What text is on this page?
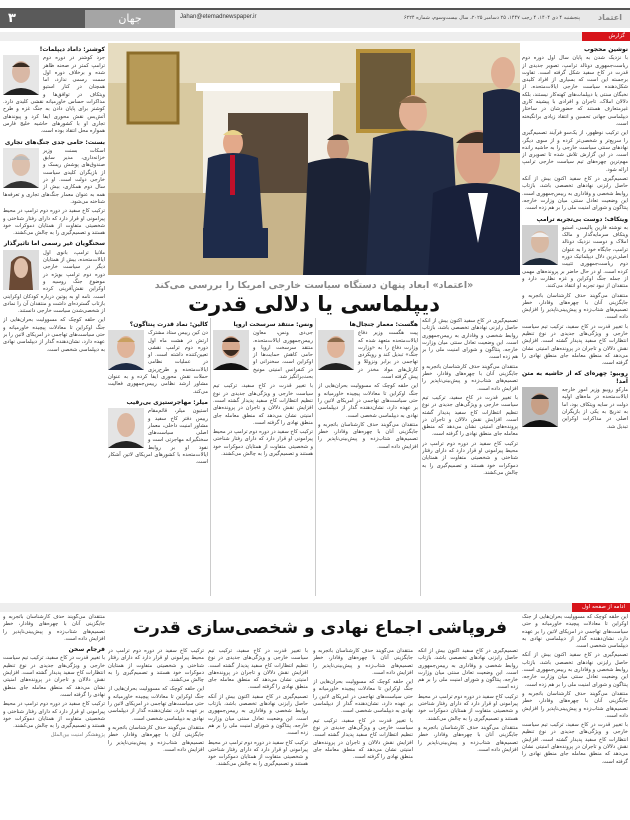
۳	جهان	Jahan@etemadnewspaper.ir	پنجشنبه ۴ دی ۱۴۰۴، ۴ رجب ۱۴۴۷، ۲۵ دسامبر ۲۰۲۵، سال بیست‌وسوم، شماره ۶۲۲۴ اعتماد
گزارش
نوشین محجوب

با نزدیک شدن به پایان سال اول دوره دوم ریاست‌جمهوری دونالد ترامپ، تصویر جدیدی از قدرت در کاخ سفید شکل گرفته است. تفاوت برجسته این است که بسیاری از افراد کلیدی شکل‌دهنده سیاست خارجی ایالات‌متحده، از نخبگان سنتی یا دیپلمات‌های کهنه‌کار نیستند، بلکه دلالان املاک، تاجران و افرادی با پیشینه کاری غیرمتعارف هستند که حضورشان در ساختار دیپلماسی جهانی تحسین و انتقاد زیادی برانگیخته است.

این ترکیب نوظهور، از یک‌سو فرآیند تصمیم‌گیری را سریع‌تر و شخصی‌تر کرده و از سوی دیگر، نهادهای سنتی سیاست خارجی را به حاشیه رانده است. در این گزارش تلاش شده تا تصویری از مهم‌ترین چهره‌های تیم سیاست خارجی ترامپ ارائه شود.

تصمیم‌گیری در کاخ سفید اکنون بیش از آنکه حاصل رایزنی نهادهای تخصصی باشد، بازتاب روابط شخصی و وفاداری به رییس‌جمهوری است. این وضعیت تعادل سنتی میان وزارت خارجه، پنتاگون و شورای امنیت ملی را بر هم زده است.

ویتکاف: دوست بی‌تجربه ترامپ

به نوشته فارین پالیسی، استیو ویتکاف سرمایه‌گذار و مالک املاک و دوست نزدیک دونالد ترامپ، جایگاه خود را به عنوان اصلی‌ترین دلال دیپلماتیک دوره دوم ریاست‌جمهوری تثبیت کرده است. او در حال حاضر بر پرونده‌های مهمی از جمله جنگ اوکراین و غزه نظارت دارد و منتقدان از نبود تجربه او انتقاد می‌کنند.

منتقدان می‌گویند حذف کارشناسان باتجربه و جایگزینی آنان با چهره‌های وفادار، خطر تصمیم‌های شتاب‌زده و پیش‌بینی‌ناپذیر را افزایش داده است.

با تغییر قدرت در کاخ سفید، ترکیب تیم سیاست خارجی و ویژگی‌های جدیدی در نوع تنظیم انتظارات کاخ سفید پدیدار گشته است. افزایش نقش دلالان و تاجران در پرونده‌های امنیتی نشان می‌دهد که منطق معامله جای منطق نهادی را گرفته است.

روبیو: چهره‌ای که از حاشیه به متن آمد!

مارکو روبیو وزیر امور خارجه ایالات‌متحده در ماه‌های اولیه دولت در سایه ویتکاف بود، اما به تدریج به یکی از بازیگران اصلی در مذاکرات اوکراین تبدیل شد.

کوشنر: داماد دیپلمات!

جرد کوشنر در دوره دوم ترامپ کمتر در صحنه ظاهر شده و برخلاف دوره اول سمت رسمی ندارد، اما همچنان در کنار استیو ویتکاف در توافق‌ها و مذاکرات حساس خاورمیانه نقشی کلیدی دارد. کوشنر برای پایان دادن به جنگ غزه و طرح آتش‌بس نقش محوری ایفا کرد و پیوندهای تجاری او با کشورهای حاشیه خلیج فارس همواره محل انتقاد بوده است.

بسنت: حامی جدی جنگ‌های تجاری

اسکات بسنت وزیر خزانه‌داری، مدیر سابق صندوق‌های پوشش ریسک و از بازیگران کلیدی سیاست خارجی دولت است. او در سال دوم همکاری، بیش از همه به عنوان معمار جنگ‌های تجاری و تعرفه‌ها شناخته می‌شود.

ترکیب کاخ سفید در دوره دوم ترامپ در محیط پیرامونی او قرار دارد که دارای رفتار شناختی و شخصیتی متفاوت از همتایان دموکرات خود هستند و تصمیم‌گیری را به چالش می‌کشند.

سخنگویان غیر رسمی اما تاثیرگذار

ملانیا ترامپ، بانوی اول ایالات‌متحده، بیش از همتایان دیگر در سیاست خارجی دوره دوم ترامپ بویژه در موضوع جنگ روسیه و اوکراین نقش‌آفرینی کرده است. نامه او به پوتین درباره کودکان اوکراینی بازتاب گسترده‌ای داشت و منتقدان آن را نمادی از شخصی‌شدن سیاست خارجی دانستند.

این حلقه کوچک که مسوولیت بحران‌هایی از جنگ اوکراین تا معادلات پیچیده خاورمیانه و حتی سیاست‌های تهاجمی در امریکای لاتین را بر عهده دارد، نشان‌دهنده گذار از دیپلماسی نهادی به دیپلماسی شخصی است.

«اعتماد» ابعاد پنهان دستگاه سیاست خارجی امریکا را بررسی می‌کند
دیپلماسی یا دلالی قدرت

تصمیم‌گیری در کاخ سفید اکنون بیش از آنکه حاصل رایزنی نهادهای تخصصی باشد، بازتاب روابط شخصی و وفاداری به رییس‌جمهوری است. این وضعیت تعادل سنتی میان وزارت خارجه، پنتاگون و شورای امنیت ملی را بر هم زده است.

منتقدان می‌گویند حذف کارشناسان باتجربه و جایگزینی آنان با چهره‌های وفادار، خطر تصمیم‌های شتاب‌زده و پیش‌بینی‌ناپذیر را افزایش داده است.

با تغییر قدرت در کاخ سفید، ترکیب تیم سیاست خارجی و ویژگی‌های جدیدی در نوع تنظیم انتظارات کاخ سفید پدیدار گشته است. افزایش نقش دلالان و تاجران در پرونده‌های امنیتی نشان می‌دهد که منطق معامله جای منطق نهادی را گرفته است.

ترکیب کاخ سفید در دوره دوم ترامپ در محیط پیرامونی او قرار دارد که دارای رفتار شناختی و شخصیتی متفاوت از همتایان دموکرات خود هستند و تصمیم‌گیری را به چالش می‌کشند.

هگست: معمار جنجال‌ها

پیت هگست وزیر دفاع ایالات‌متحده متعهد شده که وزارت دفاع را به «وزارت جنگ» تبدیل کند و رویکردی تهاجمی در برابر ونزوئلا و کارتل‌های مواد مخدر در پیش گرفته است.

این حلقه کوچک که مسوولیت بحران‌هایی از جنگ اوکراین تا معادلات پیچیده خاورمیانه و حتی سیاست‌های تهاجمی در امریکای لاتین را بر عهده دارد، نشان‌دهنده گذار از دیپلماسی نهادی به دیپلماسی شخصی است.

منتقدان می‌گویند حذف کارشناسان باتجربه و جایگزینی آنان با چهره‌های وفادار، خطر تصمیم‌های شتاب‌زده و پیش‌بینی‌ناپذیر را افزایش داده است.

ونس: منتقد سرسخت اروپا

جی‌دی ونس، معاون رییس‌جمهوری ایالات‌متحده، منتقد سرسخت اروپا و حامی کاهش حمایت‌ها از اوکراین است. سخنرانی او در کنفرانس امنیتی مونیخ بحث‌برانگیز شد.

با تغییر قدرت در کاخ سفید، ترکیب تیم سیاست خارجی و ویژگی‌های جدیدی در نوع تنظیم انتظارات کاخ سفید پدیدار گشته است. افزایش نقش دلالان و تاجران در پرونده‌های امنیتی نشان می‌دهد که منطق معامله جای منطق نهادی را گرفته است.

ترکیب کاخ سفید در دوره دوم ترامپ در محیط پیرامونی او قرار دارد که دارای رفتار شناختی و شخصیتی متفاوت از همتایان دموکرات خود هستند و تصمیم‌گیری را به چالش می‌کشند.

کالین: نماد قدرت پنتاگون؟

دن کین رییس ستاد مشترک ارتش در هشت ماه اول دوره دوم ترامپ نقشی تعیین‌کننده داشته است. او در عملیات نظامی ایالات‌متحده و طرح‌ریزی حملات نقش محوری ایفا کرده و به عنوان مشاور ارشد نظامی رییس‌جمهوری فعالیت می‌کند.

میلر: مهاجرستیزی بی‌رقیب

استیون میلر، قائم‌مقام رییس دفتر کاخ سفید و مشاور امنیت داخلی، معمار اصلی سیاست‌های سختگیرانه مهاجرتی است و نفوذ او بر روابط ایالات‌متحده با کشورهای امریکای لاتین آشکار است.

ادامه از صفحه اول
فروپاشی اجماع نهادی و شخصی‌سازی قدرت

این حلقه کوچک که مسوولیت بحران‌هایی از جنگ اوکراین تا معادلات پیچیده خاورمیانه و حتی سیاست‌های تهاجمی در امریکای لاتین را بر عهده دارد، نشان‌دهنده گذار از دیپلماسی نهادی به دیپلماسی شخصی است.

تصمیم‌گیری در کاخ سفید اکنون بیش از آنکه حاصل رایزنی نهادهای تخصصی باشد، بازتاب روابط شخصی و وفاداری به رییس‌جمهوری است. این وضعیت تعادل سنتی میان وزارت خارجه، پنتاگون و شورای امنیت ملی را بر هم زده است.

منتقدان می‌گویند حذف کارشناسان باتجربه و جایگزینی آنان با چهره‌های وفادار، خطر تصمیم‌های شتاب‌زده و پیش‌بینی‌ناپذیر را افزایش داده است.

با تغییر قدرت در کاخ سفید، ترکیب تیم سیاست خارجی و ویژگی‌های جدیدی در نوع تنظیم انتظارات کاخ سفید پدیدار گشته است. افزایش نقش دلالان و تاجران در پرونده‌های امنیتی نشان می‌دهد که منطق معامله جای منطق نهادی را گرفته است.

تصمیم‌گیری در کاخ سفید اکنون بیش از آنکه حاصل رایزنی نهادهای تخصصی باشد، بازتاب روابط شخصی و وفاداری به رییس‌جمهوری است. این وضعیت تعادل سنتی میان وزارت خارجه، پنتاگون و شورای امنیت ملی را بر هم زده است.

ترکیب کاخ سفید در دوره دوم ترامپ در محیط پیرامونی او قرار دارد که دارای رفتار شناختی و شخصیتی متفاوت از همتایان دموکرات خود هستند و تصمیم‌گیری را به چالش می‌کشند.

منتقدان می‌گویند حذف کارشناسان باتجربه و جایگزینی آنان با چهره‌های وفادار، خطر تصمیم‌های شتاب‌زده و پیش‌بینی‌ناپذیر را افزایش داده است.

منتقدان می‌گویند حذف کارشناسان باتجربه و جایگزینی آنان با چهره‌های وفادار، خطر تصمیم‌های شتاب‌زده و پیش‌بینی‌ناپذیر را افزایش داده است.

این حلقه کوچک که مسوولیت بحران‌هایی از جنگ اوکراین تا معادلات پیچیده خاورمیانه و حتی سیاست‌های تهاجمی در امریکای لاتین را بر عهده دارد، نشان‌دهنده گذار از دیپلماسی نهادی به دیپلماسی شخصی است.

با تغییر قدرت در کاخ سفید، ترکیب تیم سیاست خارجی و ویژگی‌های جدیدی در نوع تنظیم انتظارات کاخ سفید پدیدار گشته است. افزایش نقش دلالان و تاجران در پرونده‌های امنیتی نشان می‌دهد که منطق معامله جای منطق نهادی را گرفته است.

با تغییر قدرت در کاخ سفید، ترکیب تیم سیاست خارجی و ویژگی‌های جدیدی در نوع تنظیم انتظارات کاخ سفید پدیدار گشته است. افزایش نقش دلالان و تاجران در پرونده‌های امنیتی نشان می‌دهد که منطق معامله جای منطق نهادی را گرفته است.

تصمیم‌گیری در کاخ سفید اکنون بیش از آنکه حاصل رایزنی نهادهای تخصصی باشد، بازتاب روابط شخصی و وفاداری به رییس‌جمهوری است. این وضعیت تعادل سنتی میان وزارت خارجه، پنتاگون و شورای امنیت ملی را بر هم زده است.

ترکیب کاخ سفید در دوره دوم ترامپ در محیط پیرامونی او قرار دارد که دارای رفتار شناختی و شخصیتی متفاوت از همتایان دموکرات خود هستند و تصمیم‌گیری را به چالش می‌کشند.

ترکیب کاخ سفید در دوره دوم ترامپ در محیط پیرامونی او قرار دارد که دارای رفتار شناختی و شخصیتی متفاوت از همتایان دموکرات خود هستند و تصمیم‌گیری را به چالش می‌کشند.

این حلقه کوچک که مسوولیت بحران‌هایی از جنگ اوکراین تا معادلات پیچیده خاورمیانه و حتی سیاست‌های تهاجمی در امریکای لاتین را بر عهده دارد، نشان‌دهنده گذار از دیپلماسی نهادی به دیپلماسی شخصی است.

منتقدان می‌گویند حذف کارشناسان باتجربه و جایگزینی آنان با چهره‌های وفادار، خطر تصمیم‌های شتاب‌زده و پیش‌بینی‌ناپذیر را افزایش داده است.

منتقدان می‌گویند حذف کارشناسان باتجربه و جایگزینی آنان با چهره‌های وفادار، خطر تصمیم‌های شتاب‌زده و پیش‌بینی‌ناپذیر را افزایش داده است.

فرجام سخن

با تغییر قدرت در کاخ سفید، ترکیب تیم سیاست خارجی و ویژگی‌های جدیدی در نوع تنظیم انتظارات کاخ سفید پدیدار گشته است. افزایش نقش دلالان و تاجران در پرونده‌های امنیتی نشان می‌دهد که منطق معامله جای منطق نهادی را گرفته است.

ترکیب کاخ سفید در دوره دوم ترامپ در محیط پیرامونی او قرار دارد که دارای رفتار شناختی و شخصیتی متفاوت از همتایان دموکرات خود هستند و تصمیم‌گیری را به چالش می‌کشند.

پژوهشگر امنیت بین‌الملل
